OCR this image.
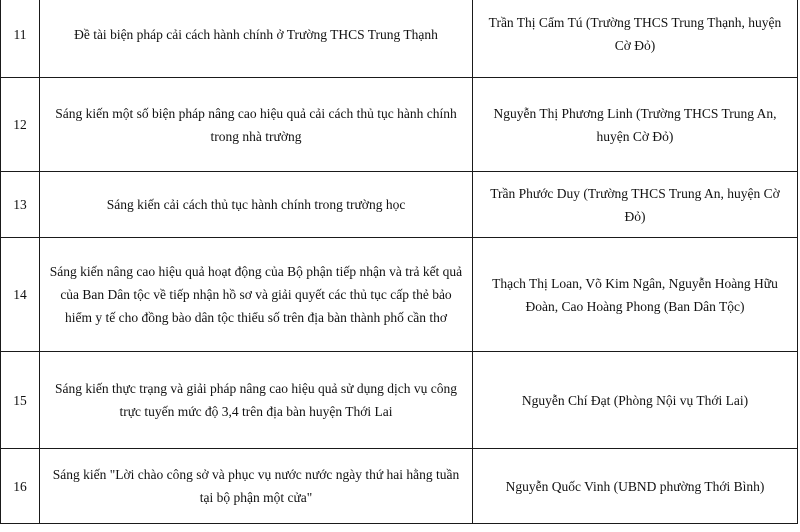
11	Đề tài biện pháp cải cách hành chính ở Trường THCS Trung Thạnh	Trần Thị Cẩm Tú (Trường THCS Trung Thạnh, huyện Cờ Đỏ)
12	Sáng kiến một số biện pháp nâng cao hiệu quả cải cách thủ tục hành chính trong nhà trường	Nguyễn Thị Phương Linh (Trường THCS Trung An, huyện Cờ Đỏ)
13	Sáng kiến cải cách thủ tục hành chính trong trường học	Trần Phước Duy (Trường THCS Trung An, huyện Cờ Đỏ)
14	Sáng kiến nâng cao hiệu quả hoạt động của Bộ phận tiếp nhận và trả kết quả của Ban Dân tộc về tiếp nhận hồ sơ và giải quyết các thủ tục cấp thẻ bảo hiểm y tế cho đồng bào dân tộc thiểu số trên địa bàn thành phố cần thơ	Thạch Thị Loan, Võ Kim Ngân, Nguyễn Hoàng Hữu Đoàn, Cao Hoàng Phong (Ban Dân Tộc)
15	Sáng kiến thực trạng và giải pháp nâng cao hiệu quả sử dụng dịch vụ công trực tuyến mức độ 3,4 trên địa bàn huyện Thới Lai	Nguyễn Chí Đạt (Phòng Nội vụ Thới Lai)
16	Sáng kiến "Lời chào công sở và phục vụ nước nước ngày thứ hai hằng tuần tại bộ phận một cửa"	Nguyễn Quốc Vinh (UBND phường Thới Bình)
